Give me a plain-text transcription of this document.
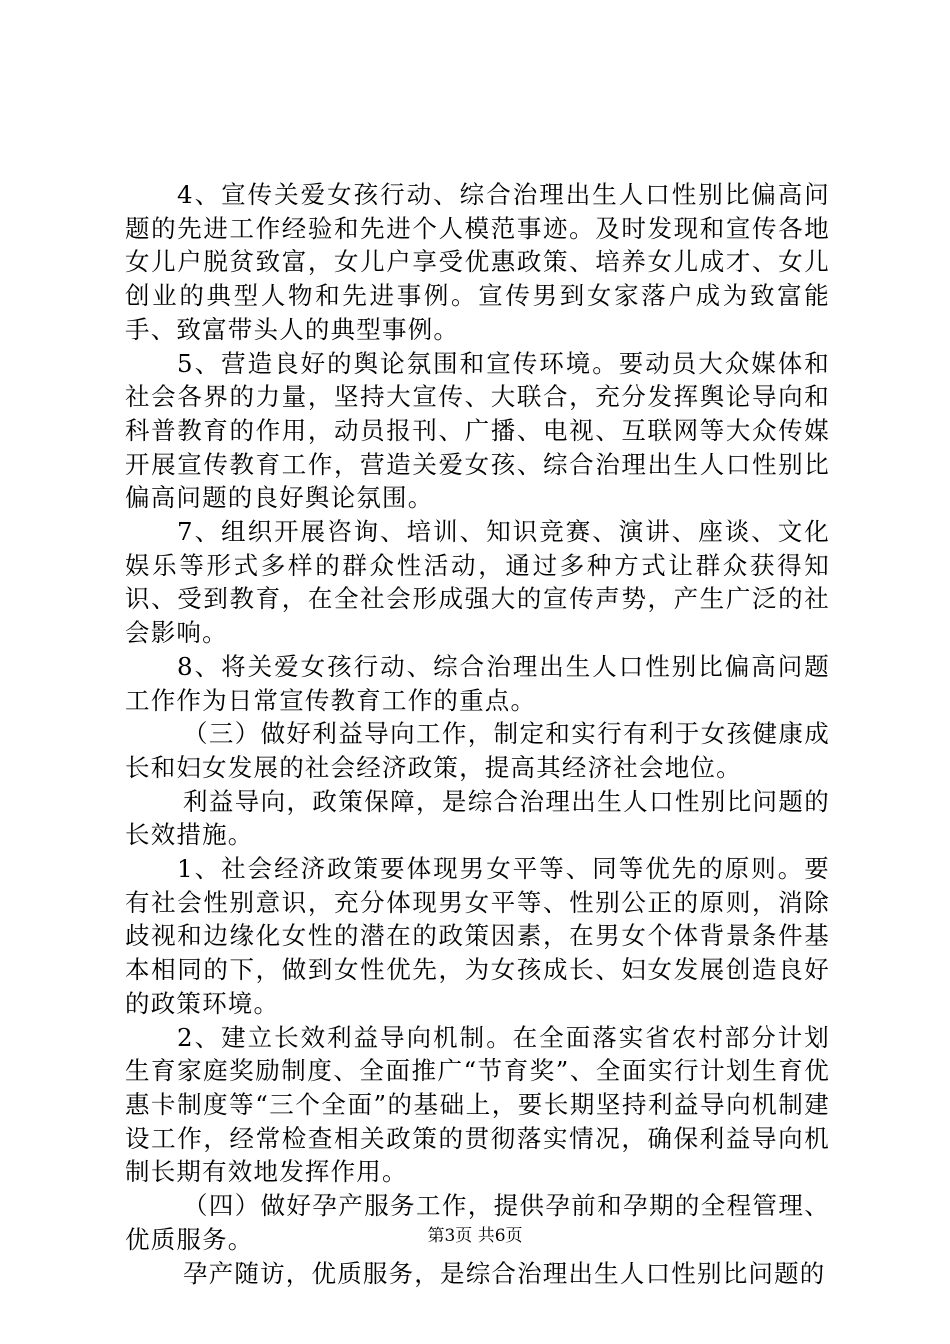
4、宣传关爱女孩行动、综合治理出生人口性别比偏高问题的先进工作经验和先进个人模范事迹。及时发现和宣传各地女儿户脱贫致富，女儿户享受优惠政策、培养女儿成才、女儿创业的典型人物和先进事例。宣传男到女家落户成为致富能手、致富带头人的典型事例。

5、营造良好的舆论氛围和宣传环境。要动员大众媒体和社会各界的力量，坚持大宣传、大联合，充分发挥舆论导向和科普教育的作用，动员报刊、广播、电视、互联网等大众传媒开展宣传教育工作，营造关爱女孩、综合治理出生人口性别比偏高问题的良好舆论氛围。

7、组织开展咨询、培训、知识竞赛、演讲、座谈、文化娱乐等形式多样的群众性活动，通过多种方式让群众获得知识、受到教育，在全社会形成强大的宣传声势，产生广泛的社会影响。

8、将关爱女孩行动、综合治理出生人口性别比偏高问题工作作为日常宣传教育工作的重点。

（三）做好利益导向工作，制定和实行有利于女孩健康成长和妇女发展的社会经济政策，提高其经济社会地位。

利益导向，政策保障，是综合治理出生人口性别比问题的长效措施。

1、社会经济政策要体现男女平等、同等优先的原则。要有社会性别意识，充分体现男女平等、性别公正的原则，消除歧视和边缘化女性的潜在的政策因素，在男女个体背景条件基本相同的下，做到女性优先，为女孩成长、妇女发展创造良好的政策环境。

2、建立长效利益导向机制。在全面落实省农村部分计划生育家庭奖励制度、全面推广“节育奖”、全面实行计划生育优惠卡制度等“三个全面”的基础上，要长期坚持利益导向机制建设工作，经常检查相关政策的贯彻落实情况，确保利益导向机制长期有效地发挥作用。

（四）做好孕产服务工作，提供孕前和孕期的全程管理、优质服务。

孕产随访，优质服务，是综合治理出生人口性别比问题的

第3页 共6页
